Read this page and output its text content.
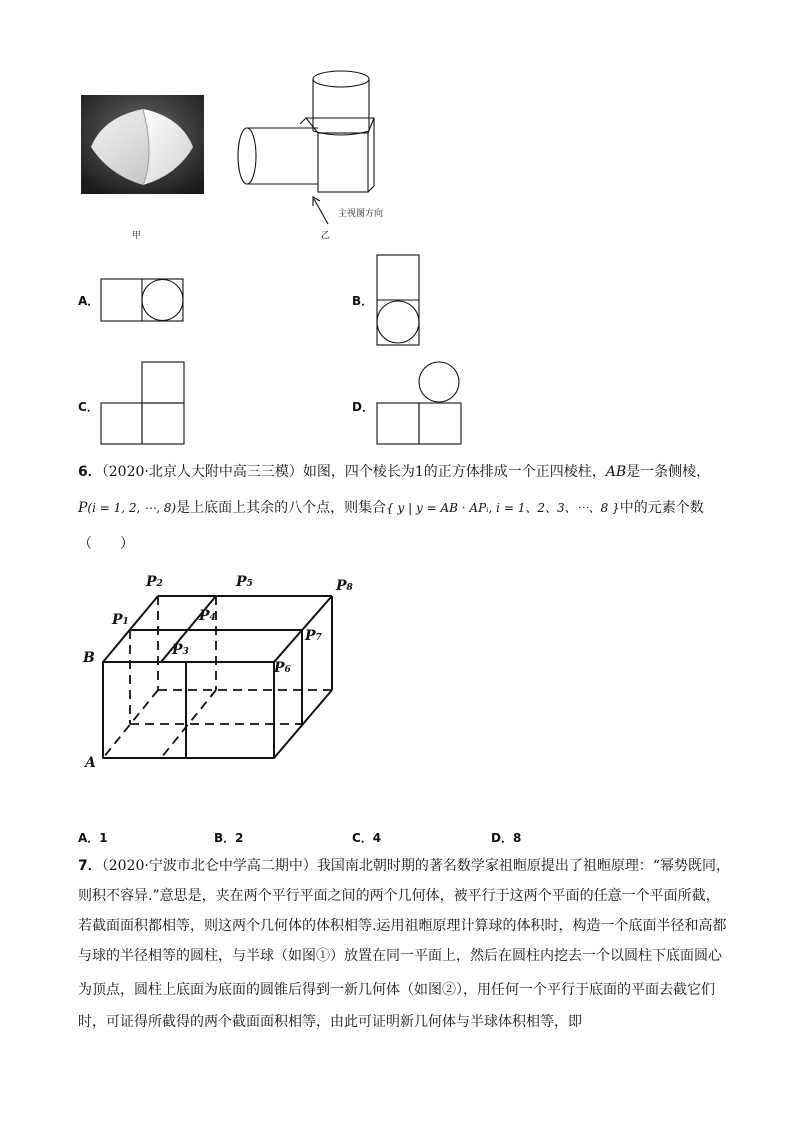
甲
主视图方向
乙
A．	B．
C．	D．
6．（2020·北京人大附中高三三模）如图，四个棱长为1的正方体排成一个正四棱柱，AB是一条侧棱，
P(i = 1, 2, ⋯, 8)是上底面上其余的八个点，则集合{ y | y = AB · APᵢ, i = 1、2、3、⋯、8 }中的元素个数
（　　）
P2	P5	P8
P1	P4
P7
P3
P6
B
A
A．1	B．2	C．4	D．8
7．（2020·宁波市北仑中学高二期中）我国南北朝时期的著名数学家祖暅原提出了祖暅原理：“幂势既同，
则积不容异.”意思是，夹在两个平行平面之间的两个几何体，被平行于这两个平面的任意一个平面所截，
若截面面积都相等，则这两个几何体的体积相等.运用祖暅原理计算球的体积时，构造一个底面半径和高都
与球的半径相等的圆柱，与半球（如图①）放置在同一平面上，然后在圆柱内挖去一个以圆柱下底面圆心
为顶点，圆柱上底面为底面的圆锥后得到一新几何体（如图②），用任何一个平行于底面的平面去截它们
时，可证得所截得的两个截面面积相等，由此可证明新几何体与半球体积相等，即
